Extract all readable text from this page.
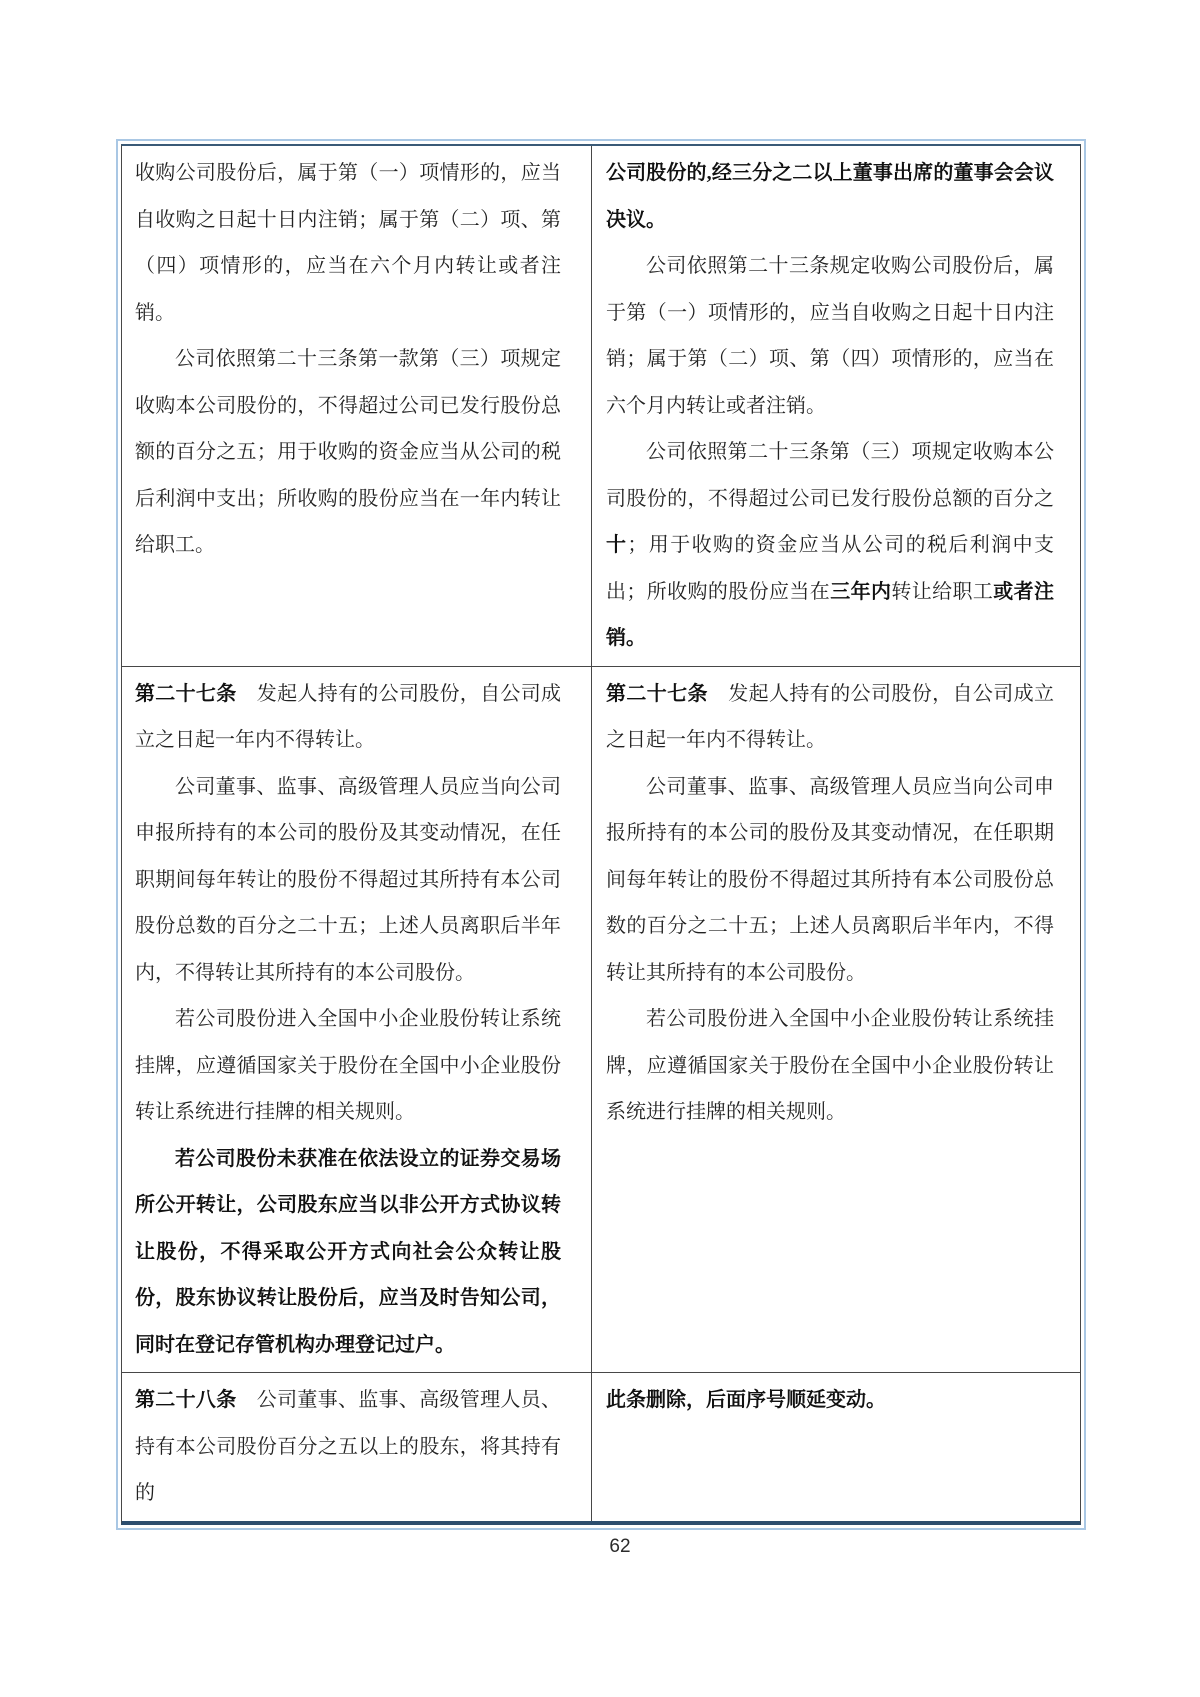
收购公司股份后，属于第（一）项情形的，应当自收购之日起十日内注销；属于第（二）项、第（四）项情形的，应当在六个月内转让或者注销。

公司依照第二十三条第一款第（三）项规定收购本公司股份的，不得超过公司已发行股份总额的百分之五；用于收购的资金应当从公司的税后利润中支出；所收购的股份应当在一年内转让给职工。

公司股份的,经三分之二以上董事出席的董事会会议决议。

公司依照第二十三条规定收购公司股份后，属于第（一）项情形的，应当自收购之日起十日内注销；属于第（二）项、第（四）项情形的，应当在六个月内转让或者注销。

公司依照第二十三条第（三）项规定收购本公司股份的，不得超过公司已发行股份总额的百分之十；用于收购的资金应当从公司的税后利润中支出；所收购的股份应当在三年内转让给职工或者注销。

第二十七条　发起人持有的公司股份，自公司成立之日起一年内不得转让。

公司董事、监事、高级管理人员应当向公司申报所持有的本公司的股份及其变动情况，在任职期间每年转让的股份不得超过其所持有本公司股份总数的百分之二十五；上述人员离职后半年内，不得转让其所持有的本公司股份。

若公司股份进入全国中小企业股份转让系统挂牌，应遵循国家关于股份在全国中小企业股份转让系统进行挂牌的相关规则。

若公司股份未获准在依法设立的证券交易场所公开转让，公司股东应当以非公开方式协议转让股份，不得采取公开方式向社会公众转让股份，股东协议转让股份后，应当及时告知公司，同时在登记存管机构办理登记过户。

第二十七条　发起人持有的公司股份，自公司成立之日起一年内不得转让。

公司董事、监事、高级管理人员应当向公司申报所持有的本公司的股份及其变动情况，在任职期间每年转让的股份不得超过其所持有本公司股份总数的百分之二十五；上述人员离职后半年内，不得转让其所持有的本公司股份。

若公司股份进入全国中小企业股份转让系统挂牌，应遵循国家关于股份在全国中小企业股份转让系统进行挂牌的相关规则。

第二十八条　公司董事、监事、高级管理人员、持有本公司股份百分之五以上的股东，将其持有的

此条删除，后面序号顺延变动。

62
